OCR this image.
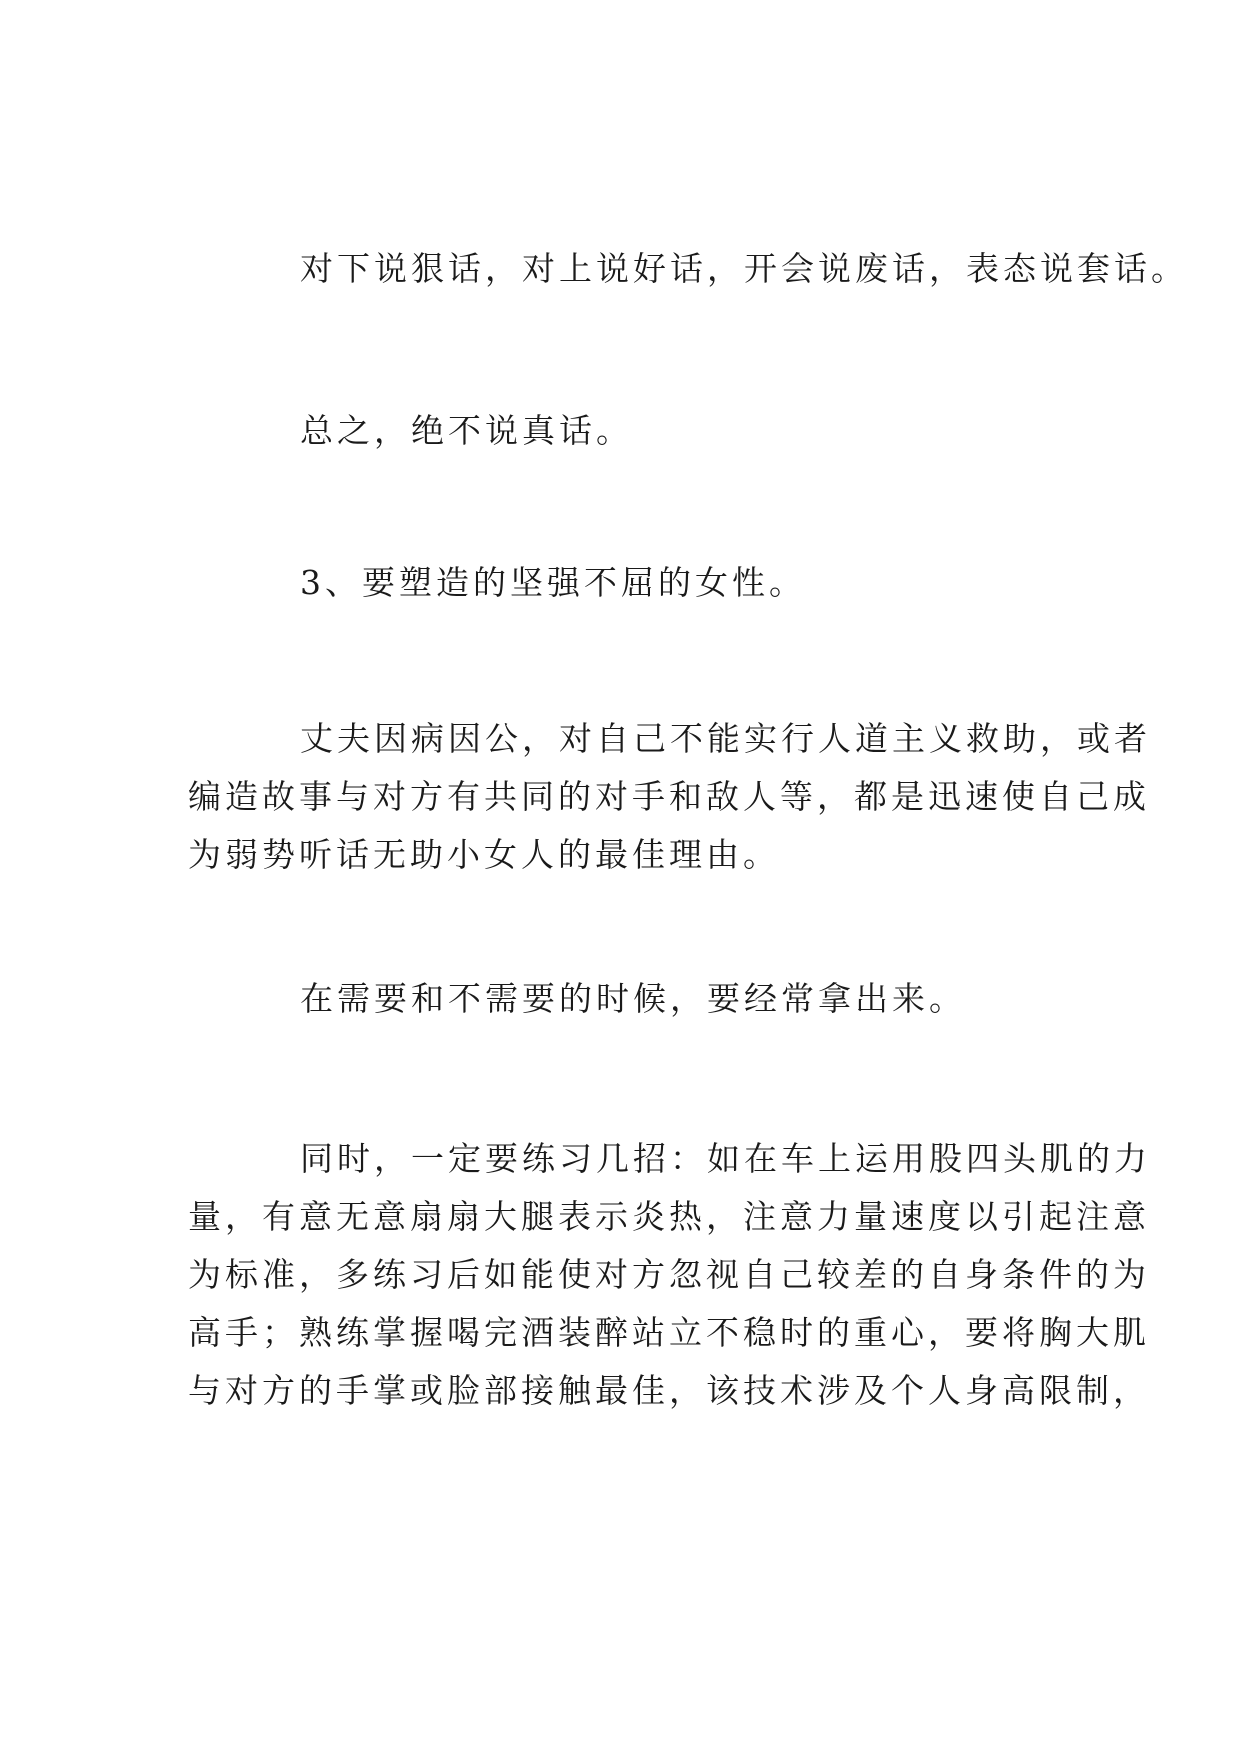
对下说狠话，对上说好话，开会说废话，表态说套话。

总之，绝不说真话。

3、要塑造的坚强不屈的女性。

丈夫因病因公，对自己不能实行人道主义救助，或者
编造故事与对方有共同的对手和敌人等，都是迅速使自己成
为弱势听话无助小女人的最佳理由。

在需要和不需要的时候，要经常拿出来。

同时，一定要练习几招：如在车上运用股四头肌的力
量，有意无意扇扇大腿表示炎热，注意力量速度以引起注意
为标准，多练习后如能使对方忽视自己较差的自身条件的为
高手；熟练掌握喝完酒装醉站立不稳时的重心，要将胸大肌
与对方的手掌或脸部接触最佳，该技术涉及个人身高限制，
